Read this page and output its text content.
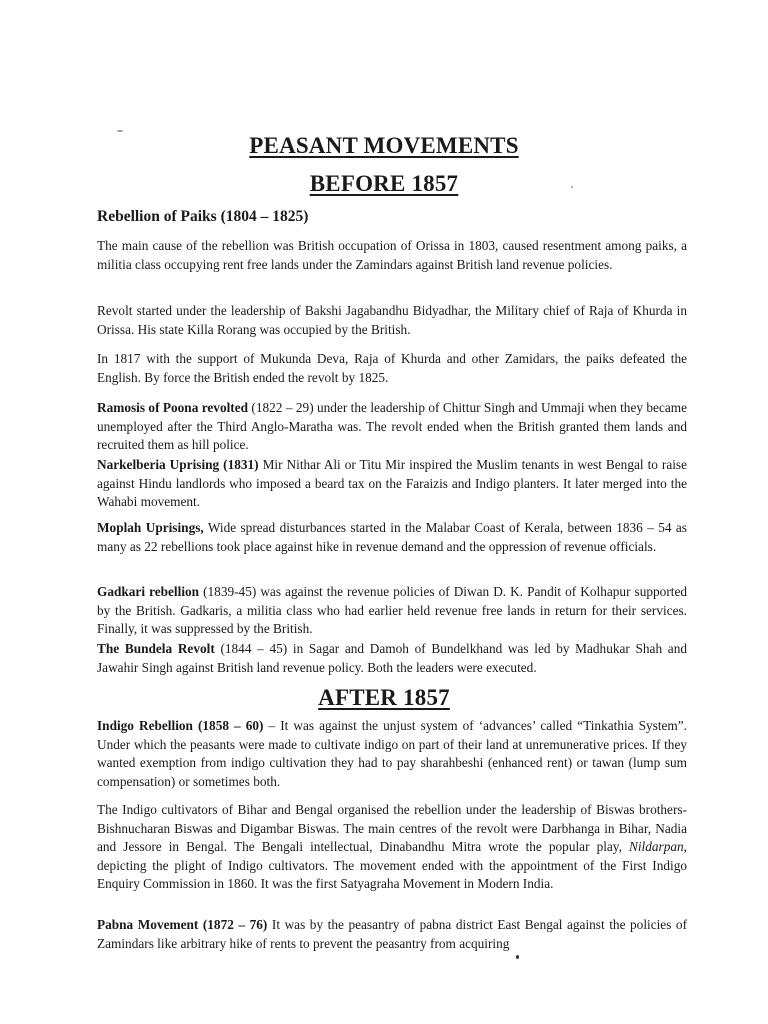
PEASANT MOVEMENTS
BEFORE 1857
Rebellion of Paiks (1804 – 1825)
The main cause of the rebellion was British occupation of Orissa in 1803, caused resentment among paiks, a militia class occupying rent free lands under the Zamindars against British land revenue policies.
Revolt started under the leadership of Bakshi Jagabandhu Bidyadhar, the Military chief of Raja of Khurda in Orissa. His state Killa Rorang was occupied by the British.
In 1817 with the support of Mukunda Deva, Raja of Khurda and other Zamidars, the paiks defeated the English. By force the British ended the revolt by 1825.
Ramosis of Poona revolted (1822 – 29) under the leadership of Chittur Singh and Ummaji when they became unemployed after the Third Anglo-Maratha was. The revolt ended when the British granted them lands and recruited them as hill police.
Narkelberia Uprising (1831) Mir Nithar Ali or Titu Mir inspired the Muslim tenants in west Bengal to raise against Hindu landlords who imposed a beard tax on the Faraizis and Indigo planters. It later merged into the Wahabi movement.
Moplah Uprisings, Wide spread disturbances started in the Malabar Coast of Kerala, between 1836 – 54 as many as 22 rebellions took place against hike in revenue demand and the oppression of revenue officials.
Gadkari rebellion (1839-45) was against the revenue policies of Diwan D. K. Pandit of Kolhapur supported by the British. Gadkaris, a militia class who had earlier held revenue free lands in return for their services. Finally, it was suppressed by the British.
The Bundela Revolt (1844 – 45) in Sagar and Damoh of Bundelkhand was led by Madhukar Shah and Jawahir Singh against British land revenue policy. Both the leaders were executed.
AFTER 1857
Indigo Rebellion (1858 – 60) – It was against the unjust system of ‘advances’ called “Tinkathia System”. Under which the peasants were made to cultivate indigo on part of their land at unremunerative prices. If they wanted exemption from indigo cultivation they had to pay sharahbeshi (enhanced rent) or tawan (lump sum compensation) or sometimes both.
The Indigo cultivators of Bihar and Bengal organised the rebellion under the leadership of Biswas brothers- Bishnucharan Biswas and Digambar Biswas. The main centres of the revolt were Darbhanga in Bihar, Nadia and Jessore in Bengal. The Bengali intellectual, Dinabandhu Mitra wrote the popular play, Nildarpan, depicting the plight of Indigo cultivators. The movement ended with the appointment of the First Indigo Enquiry Commission in 1860. It was the first Satyagraha Movement in Modern India.
Pabna Movement (1872 – 76) It was by the peasantry of pabna district East Bengal against the policies of Zamindars like arbitrary hike of rents to prevent the peasantry from acquiring
